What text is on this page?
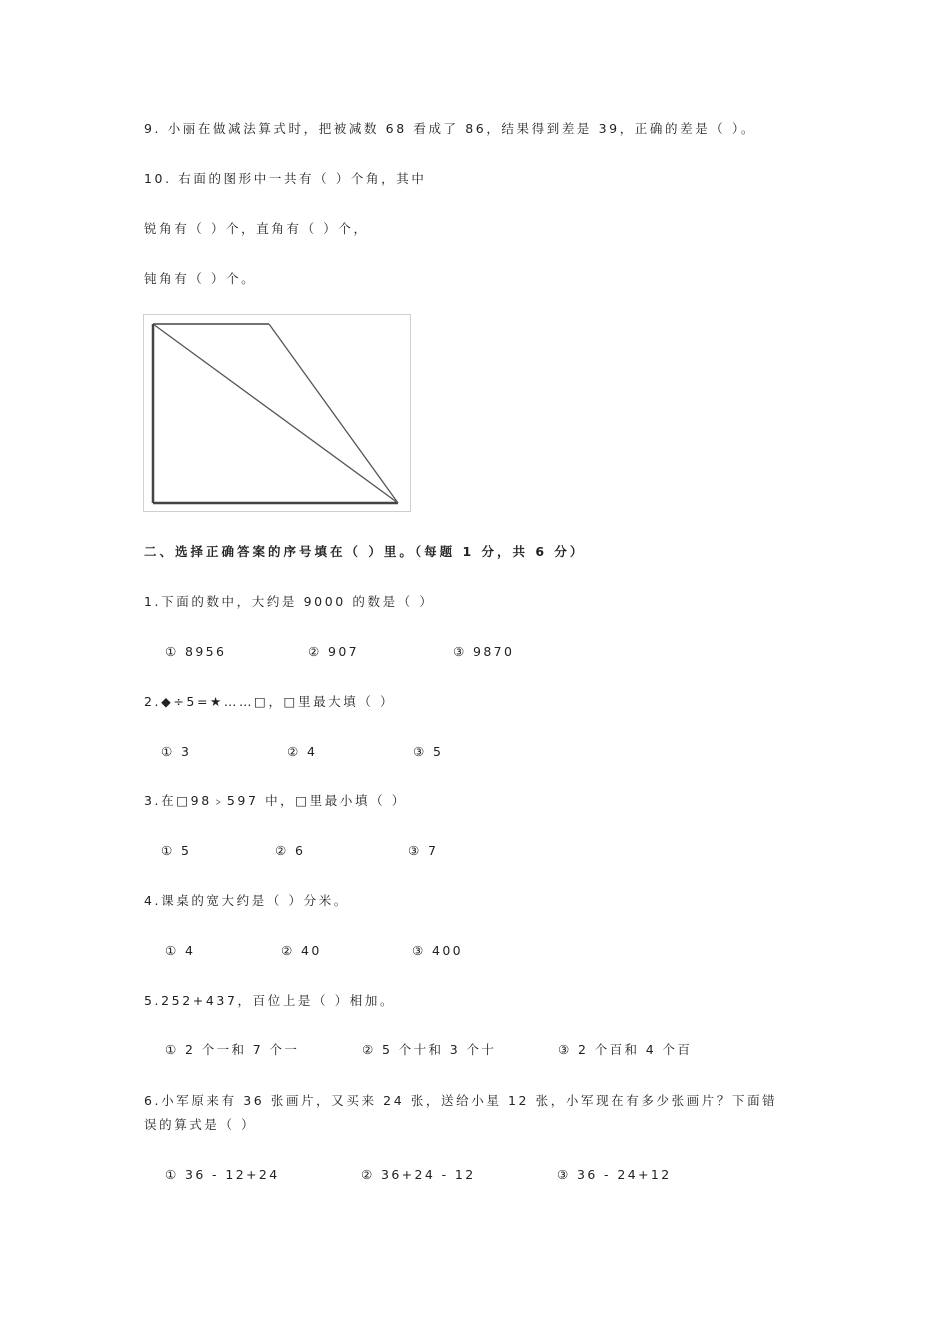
9. 小丽在做减法算式时，把被减数 68 看成了 86，结果得到差是 39，正确的差是（ ）。
10. 右面的图形中一共有（ ）个角，其中
锐角有（ ）个，直角有（ ）个，
钝角有（ ）个。
二、选择正确答案的序号填在（ ）里。（每题 1 分，共 6 分）
1.下面的数中，大约是 9000 的数是（ ）
① 8956	② 907	③ 9870
2.◆÷5=★……□，□里最大填（ ）
① 3	② 4	③ 5
3.在□98﹥597 中，□里最小填（ ）
① 5	② 6	③ 7
4.课桌的宽大约是（ ）分米。
① 4	② 40	③ 400
5.252+437，百位上是（ ）相加。
① 2 个一和 7 个一	② 5 个十和 3 个十	③ 2 个百和 4 个百
6.小军原来有 36 张画片，又买来 24 张，送给小星 12 张，小军现在有多少张画片？下面错
误的算式是（ ）
① 36 - 12+24	② 36+24 - 12	③ 36 - 24+12
